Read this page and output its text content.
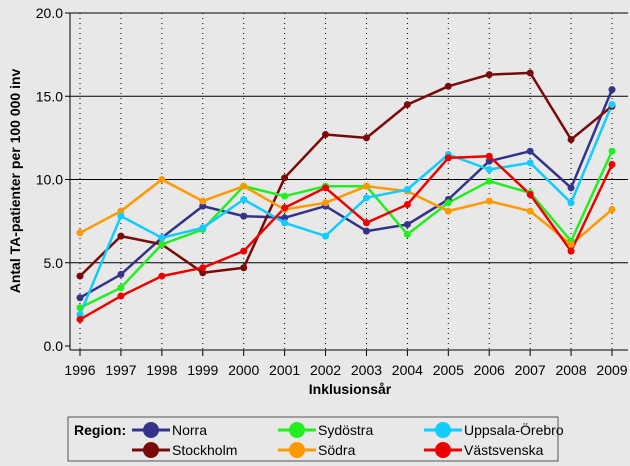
0.0
5.0
10.0
15.0
20.0
1996 1997 1998 1999 2000 2001 2002 2003 2004 2005 2006 2007 2008 2009
Inklusionsår
Antal TA-patienter per 100 000 inv
Region:	Norra
Stockholm
Sydöstra
Södra
Uppsala-Örebro
Västsvenska
